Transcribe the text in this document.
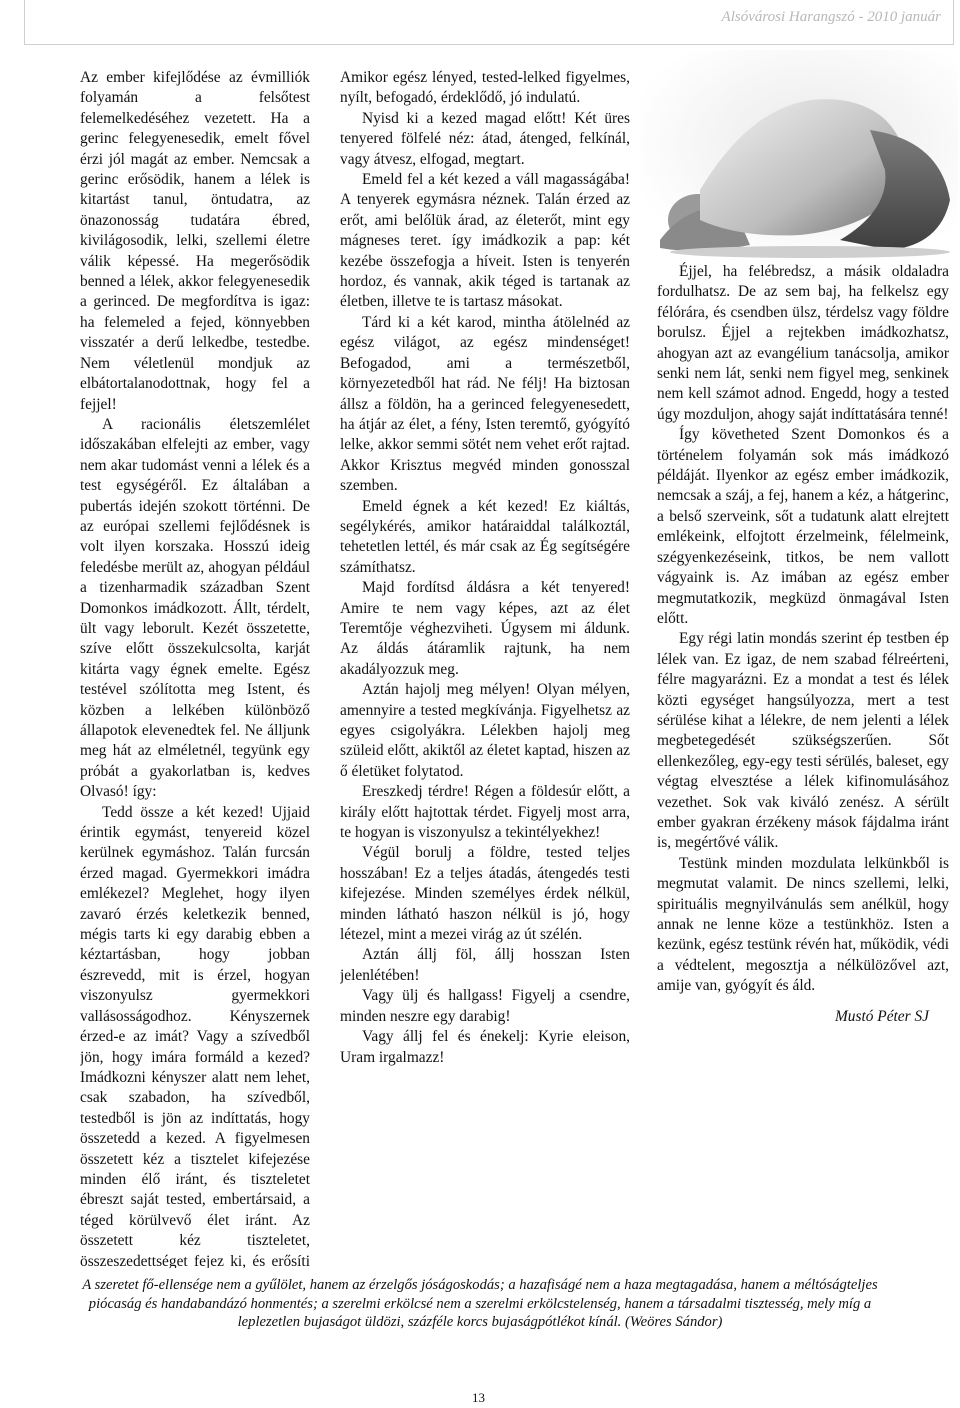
Alsóvárosi Harangszó - 2010 január

Az ember kifejlődése az évmilliók folyamán a felsőtest felemelkedéséhez vezetett. Ha a gerinc felegyenesedik, emelt fővel érzi jól magát az ember. Nemcsak a gerinc erősödik, hanem a lélek is kitartást tanul, öntudatra, az önazonosság tudatára ébred, kivilágosodik, lelki, szellemi életre válik képessé. Ha megerősödik benned a lélek, akkor felegyenesedik a gerinced. De megfordítva is igaz: ha felemeled a fejed, könnyebben visszatér a derű lelkedbe, testedbe. Nem véletlenül mondjuk az elbátortalanodottnak, hogy fel a fejjel!

A racionális életszemlélet időszakában elfelejti az ember, vagy nem akar tudomást venni a lélek és a test egységéről. Ez általában a pubertás idején szokott történni. De az európai szellemi fejlődésnek is volt ilyen korszaka. Hosszú ideig feledésbe merült az, ahogyan például a tizenharmadik században Szent Domonkos imádkozott. Állt, térdelt, ült vagy leborult. Kezét összetette, szíve előtt összekulcsolta, karját kitárta vagy égnek emelte. Egész testével szólította meg Istent, és közben a lelkében különböző állapotok elevenedtek fel. Ne álljunk meg hát az elméletnél, tegyünk egy próbát a gyakorlatban is, kedves Olvasó! így:

Tedd össze a két kezed! Ujjaid érintik egymást, tenyereid közel kerülnek egymáshoz. Talán furcsán érzed magad. Gyermekkori imádra emlékezel? Meglehet, hogy ilyen zavaró érzés keletkezik benned, mégis tarts ki egy darabig ebben a kéztartásban, hogy jobban észrevedd, mit is érzel, hogyan viszonyulsz gyermekkori vallásosságodhoz. Kényszernek érzed-e az imát? Vagy a szívedből jön, hogy imára formáld a kezed? Imádkozni kényszer alatt nem lehet, csak szabadon, ha szívedből, testedből is jön az indíttatás, hogy összetedd a kezed. A figyelmesen összetett kéz a tisztelet kifejezése minden élő iránt, és tiszteletet ébreszt saját tested, embertársaid, a téged körülvevő élet iránt. Az összetett kéz tiszteletet, összeszedettséget fejez ki, és erősíti

Amikor egész lényed, tested-lelked figyelmes, nyílt, befogadó, érdeklődő, jó indulatú.

Nyisd ki a kezed magad előtt! Két üres tenyered fölfelé néz: átad, átenged, felkínál, vagy átvesz, elfogad, megtart.

Emeld fel a két kezed a váll magasságába! A tenyerek egymásra néznek. Talán érzed az erőt, ami belőlük árad, az életerőt, mint egy mágneses teret. így imádkozik a pap: két kezébe összefogja a híveit. Isten is tenyerén hordoz, és vannak, akik téged is tartanak az életben, illetve te is tartasz másokat.

Tárd ki a két karod, mintha átölelnéd az egész világot, az egész mindenséget! Befogadod, ami a természetből, környezetedből hat rád. Ne félj! Ha biztosan állsz a földön, ha a gerinced felegyenesedett, ha átjár az élet, a fény, Isten teremtő, gyógyító lelke, akkor semmi sötét nem vehet erőt rajtad. Akkor Krisztus megvéd minden gonosszal szemben.

Emeld égnek a két kezed! Ez kiáltás, segélykérés, amikor határaiddal találkoztál, tehetetlen lettél, és már csak az Ég segítségére számíthatsz.

Majd fordítsd áldásra a két tenyered! Amire te nem vagy képes, azt az élet Teremtője véghezviheti. Úgysem mi áldunk. Az áldás átáramlik rajtunk, ha nem akadályozzuk meg.

Aztán hajolj meg mélyen! Olyan mélyen, amennyire a tested megkívánja. Figyelhetsz az egyes csigolyákra. Lélekben hajolj meg szüleid előtt, akiktől az életet kaptad, hiszen az ő életüket folytatod.

Ereszkedj térdre! Régen a földesúr előtt, a király előtt hajtottak térdet. Figyelj most arra, te hogyan is viszonyulsz a tekintélyekhez!

Végül borulj a földre, tested teljes hosszában! Ez a teljes átadás, átengedés testi kifejezése. Minden személyes érdek nélkül, minden látható haszon nélkül is jó, hogy létezel, mint a mezei virág az út szélén.

Aztán állj föl, állj hosszan Isten jelenlétében!

Vagy ülj és hallgass! Figyelj a csendre, minden neszre egy darabig!

Vagy állj fel és énekelj: Kyrie eleison, Uram irgalmazz!

Éjjel, ha felébredsz, a másik oldaladra fordulhatsz. De az sem baj, ha felkelsz egy félórára, és csendben ülsz, térdelsz vagy földre borulsz. Éjjel a rejtekben imádkozhatsz, ahogyan azt az evangélium tanácsolja, amikor senki nem lát, senki nem figyel meg, senkinek nem kell számot adnod. Engedd, hogy a tested úgy mozduljon, ahogy saját indíttatására tenné!

Így követheted Szent Domonkos és a történelem folyamán sok más imádkozó példáját. Ilyenkor az egész ember imádkozik, nemcsak a száj, a fej, hanem a kéz, a hátgerinc, a belső szerveink, sőt a tudatunk alatt elrejtett emlékeink, elfojtott érzelmeink, félelmeink, szégyenkezéseink, titkos, be nem vallott vágyaink is. Az imában az egész ember megmutatkozik, megküzd önmagával Isten előtt.

Egy régi latin mondás szerint ép testben ép lélek van. Ez igaz, de nem szabad félreérteni, félre magyarázni. Ez a mondat a test és lélek közti egységet hangsúlyozza, mert a test sérülése kihat a lélekre, de nem jelenti a lélek megbetegedését szükségszerűen. Sőt ellenkezőleg, egy-egy testi sérülés, baleset, egy végtag elvesztése a lélek kifinomulásához vezethet. Sok vak kiváló zenész. A sérült ember gyakran érzékeny mások fájdalma iránt is, megértővé válik.

Testünk minden mozdulata lelkünkből is megmutat valamit. De nincs szellemi, lelki, spirituális megnyilvánulás sem anélkül, hogy annak ne lenne köze a testünkhöz. Isten a kezünk, egész testünk révén hat, működik, védi a védtelent, megosztja a nélkülözővel azt, amije van, gyógyít és áld.

Mustó Péter SJ

A szeretet fő-ellensége nem a gyűlölet, hanem az érzelgős jóságoskodás; a hazafiságé nem a haza megtagadása, hanem a méltóságteljes piócaság és handabandázó honmentés; a szerelmi erkölcsé nem a szerelmi erkölcstelenség, hanem a társadalmi tisztesség, mely míg a leplezetlen bujaságot üldözi, százféle korcs bujaságpótlékot kínál. (Weöres Sándor)
13
